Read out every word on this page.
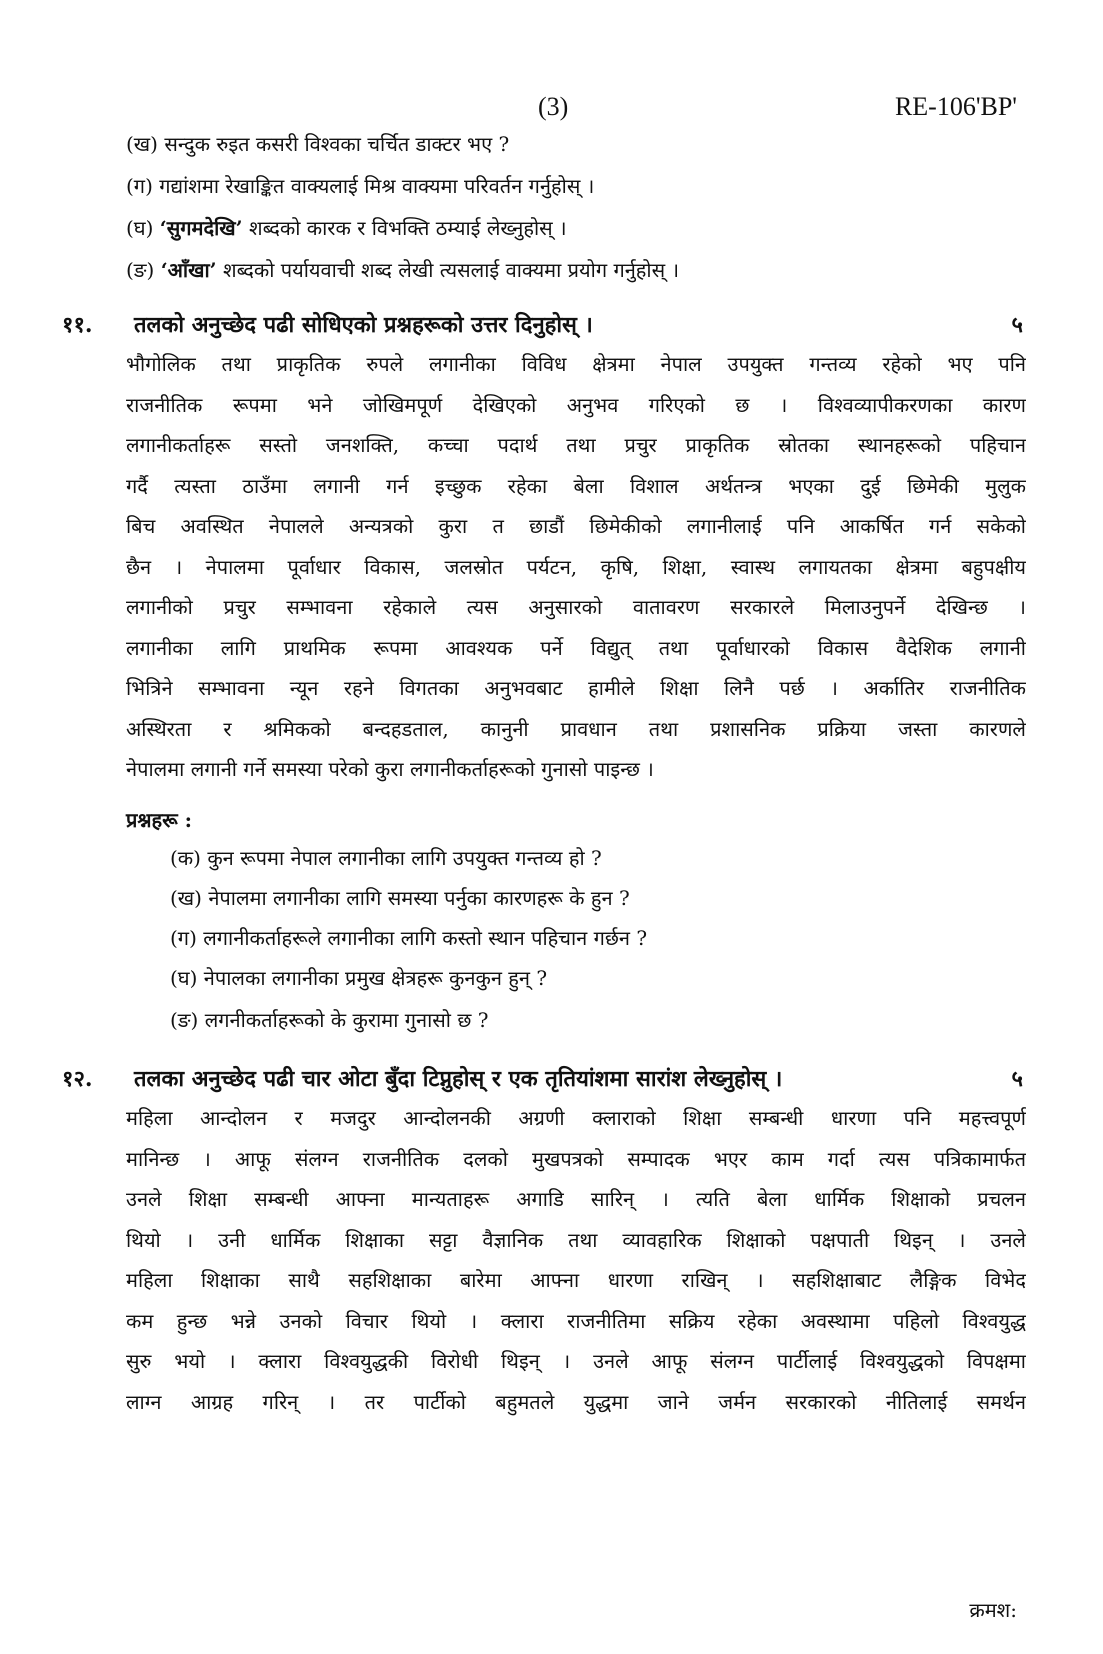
(3)	RE-106'BP'
(ख) सन्दुक रुइत कसरी विश्वका चर्चित डाक्टर भए ?
(ग) गद्यांशमा रेखाङ्कित वाक्यलाई मिश्र वाक्यमा परिवर्तन गर्नुहोस् ।
(घ) ‘सुगमदेखि’ शब्दको कारक र विभक्ति ठम्याई लेख्नुहोस् ।
(ङ) ‘आँखा’ शब्दको पर्यायवाची शब्द लेखी त्यसलाई वाक्यमा प्रयोग गर्नुहोस् ।
११. तलको अनुच्छेद पढी सोधिएको प्रश्नहरूको उत्तर दिनुहोस् ।	५
भौगोलिक तथा प्राकृतिक रुपले लगानीका विविध क्षेत्रमा नेपाल उपयुक्त गन्तव्य रहेको भए पनि
राजनीतिक रूपमा भने जोखिमपूर्ण देखिएको अनुभव गरिएको छ । विश्वव्यापीकरणका कारण
लगानीकर्ताहरू सस्तो जनशक्ति, कच्चा पदार्थ तथा प्रचुर प्राकृतिक स्रोतका स्थानहरूको पहिचान
गर्दै त्यस्ता ठाउँमा लगानी गर्न इच्छुक रहेका बेला विशाल अर्थतन्त्र भएका दुई छिमेकी मुलुक
बिच अवस्थित नेपालले अन्यत्रको कुरा त छाडौं छिमेकीको लगानीलाई पनि आकर्षित गर्न सकेको
छैन । नेपालमा पूर्वाधार विकास, जलस्रोत पर्यटन, कृषि, शिक्षा, स्वास्थ लगायतका क्षेत्रमा बहुपक्षीय
लगानीको प्रचुर सम्भावना रहेकाले त्यस अनुसारको वातावरण सरकारले मिलाउनुपर्ने देखिन्छ ।
लगानीका लागि प्राथमिक रूपमा आवश्यक पर्ने विद्युत् तथा पूर्वाधारको विकास वैदेशिक लगानी
भित्रिने सम्भावना न्यून रहने विगतका अनुभवबाट हामीले शिक्षा लिनै पर्छ । अर्कातिर राजनीतिक
अस्थिरता र श्रमिकको बन्दहडताल, कानुनी प्रावधान तथा प्रशासनिक प्रक्रिया जस्ता कारणले
नेपालमा लगानी गर्ने समस्या परेको कुरा लगानीकर्ताहरूको गुनासो पाइन्छ ।
प्रश्नहरू :
(क) कुन रूपमा नेपाल लगानीका लागि उपयुक्त गन्तव्य हो ?
(ख) नेपालमा लगानीका लागि समस्या पर्नुका कारणहरू के हुन ?
(ग) लगानीकर्ताहरूले लगानीका लागि कस्तो स्थान पहिचान गर्छन ?
(घ) नेपालका लगानीका प्रमुख क्षेत्रहरू कुनकुन हुन् ?
(ङ) लगनीकर्ताहरूको के कुरामा गुनासो छ ?
१२. तलका अनुच्छेद पढी चार ओटा बुँदा टिप्नुहोस् र एक तृतियांशमा सारांश लेख्नुहोस् ।	५
महिला आन्दोलन र मजदुर आन्दोलनकी अग्रणी क्लाराको शिक्षा सम्बन्धी धारणा पनि महत्त्वपूर्ण
मानिन्छ । आफू संलग्न राजनीतिक दलको मुखपत्रको सम्पादक भएर काम गर्दा त्यस पत्रिकामार्फत
उनले शिक्षा सम्बन्धी आफ्ना मान्यताहरू अगाडि सारिन् । त्यति बेला धार्मिक शिक्षाको प्रचलन
थियो । उनी धार्मिक शिक्षाका सट्टा वैज्ञानिक तथा व्यावहारिक शिक्षाको पक्षपाती थिइन् । उनले
महिला शिक्षाका साथै सहशिक्षाका बारेमा आफ्ना धारणा राखिन् । सहशिक्षाबाट लैङ्गिक विभेद
कम हुन्छ भन्ने उनको विचार थियो । क्लारा राजनीतिमा सक्रिय रहेका अवस्थामा पहिलो विश्वयुद्ध
सुरु भयो । क्लारा विश्वयुद्धकी विरोधी थिइन् । उनले आफू संलग्न पार्टीलाई विश्वयुद्धको विपक्षमा
लाग्न आग्रह गरिन् । तर पार्टीको बहुमतले युद्धमा जाने जर्मन सरकारको नीतिलाई समर्थन
क्रमश:
